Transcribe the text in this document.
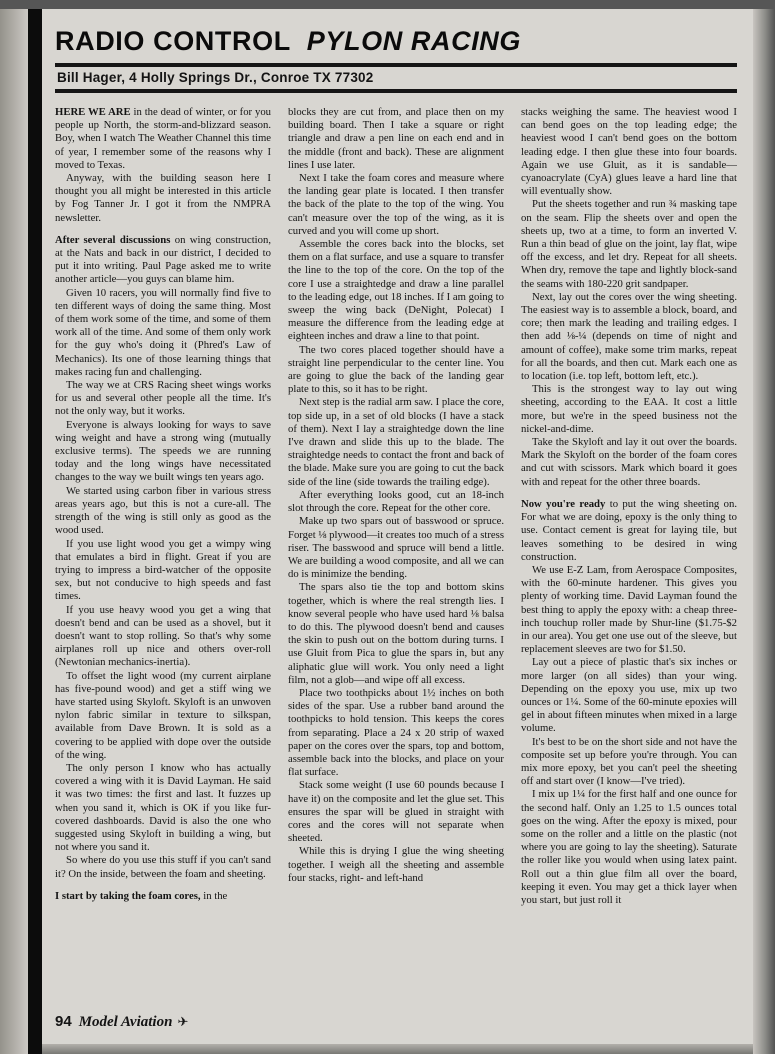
RADIO CONTROL PYLON RACING
Bill Hager, 4 Holly Springs Dr., Conroe TX 77302

HERE WE ARE in the dead of winter, or for you people up North, the storm-and-blizzard season. Boy, when I watch The Weather Channel this time of year, I remember some of the reasons why I moved to Texas.

Anyway, with the building season here I thought you all might be interested in this article by Fog Tanner Jr. I got it from the NMPRA newsletter.

After several discussions on wing construction, at the Nats and back in our district, I decided to put it into writing. Paul Page asked me to write another article—you guys can blame him.

Given 10 racers, you will normally find five to ten different ways of doing the same thing. Most of them work some of the time, and some of them work all of the time. And some of them only work for the guy who's doing it (Phred's Law of Mechanics). Its one of those learning things that makes racing fun and challenging.

The way we at CRS Racing sheet wings works for us and several other people all the time. It's not the only way, but it works.

Everyone is always looking for ways to save wing weight and have a strong wing (mutually exclusive terms). The speeds we are running today and the long wings have necessitated changes to the way we built wings ten years ago.

We started using carbon fiber in various stress areas years ago, but this is not a cure-all. The strength of the wing is still only as good as the wood used.

If you use light wood you get a wimpy wing that emulates a bird in flight. Great if you are trying to impress a bird-watcher of the opposite sex, but not conducive to high speeds and fast times.

If you use heavy wood you get a wing that doesn't bend and can be used as a shovel, but it doesn't want to stop rolling. So that's why some airplanes roll up nice and others over-roll (Newtonian mechanics-inertia).

To offset the light wood (my current airplane has five-pound wood) and get a stiff wing we have started using Skyloft. Skyloft is an unwoven nylon fabric similar in texture to silkspan, available from Dave Brown. It is sold as a covering to be applied with dope over the outside of the wing.

The only person I know who has actually covered a wing with it is David Layman. He said it was two times: the first and last. It fuzzes up when you sand it, which is OK if you like fur-covered dashboards. David is also the one who suggested using Skyloft in building a wing, but not where you sand it.

So where do you use this stuff if you can't sand it? On the inside, between the foam and sheeting.

I start by taking the foam cores, in the

blocks they are cut from, and place then on my building board. Then I take a square or right triangle and draw a pen line on each end and in the middle (front and back). These are alignment lines I use later.

Next I take the foam cores and measure where the landing gear plate is located. I then transfer the back of the plate to the top of the wing. You can't measure over the top of the wing, as it is curved and you will come up short.

Assemble the cores back into the blocks, set them on a flat surface, and use a square to transfer the line to the top of the core. On the top of the core I use a straightedge and draw a line parallel to the leading edge, out 18 inches. If I am going to sweep the wing back (DeNight, Polecat) I measure the difference from the leading edge at eighteen inches and draw a line to that point.

The two cores placed together should have a straight line perpendicular to the center line. You are going to glue the back of the landing gear plate to this, so it has to be right.

Next step is the radial arm saw. I place the core, top side up, in a set of old blocks (I have a stack of them). Next I lay a straightedge down the line I've drawn and slide this up to the blade. The straightedge needs to contact the front and back of the blade. Make sure you are going to cut the back side of the line (side towards the trailing edge).

After everything looks good, cut an 18-inch slot through the core. Repeat for the other core.

Make up two spars out of basswood or spruce. Forget ⅛ plywood—it creates too much of a stress riser. The basswood and spruce will bend a little. We are building a wood composite, and all we can do is minimize the bending.

The spars also tie the top and bottom skins together, which is where the real strength lies. I know several people who have used hard ⅛ balsa to do this. The plywood doesn't bend and causes the skin to push out on the bottom during turns. I use Gluit from Pica to glue the spars in, but any aliphatic glue will work. You only need a light film, not a glob—and wipe off all excess.

Place two toothpicks about 1½ inches on both sides of the spar. Use a rubber band around the toothpicks to hold tension. This keeps the cores from separating. Place a 24 x 20 strip of waxed paper on the cores over the spars, top and bottom, assemble back into the blocks, and place on your flat surface.

Stack some weight (I use 60 pounds because I have it) on the composite and let the glue set. This ensures the spar will be glued in straight with cores and the cores will not separate when sheeted.

While this is drying I glue the wing sheeting together. I weigh all the sheeting and assemble four stacks, right- and left-hand

stacks weighing the same. The heaviest wood I can bend goes on the top leading edge; the heaviest wood I can't bend goes on the bottom leading edge. I then glue these into four boards. Again we use Gluit, as it is sandable—cyanoacrylate (CyA) glues leave a hard line that will eventually show.

Put the sheets together and run ¾ masking tape on the seam. Flip the sheets over and open the sheets up, two at a time, to form an inverted V. Run a thin bead of glue on the joint, lay flat, wipe off the excess, and let dry. Repeat for all sheets. When dry, remove the tape and lightly block-sand the seams with 180-220 grit sandpaper.

Next, lay out the cores over the wing sheeting. The easiest way is to assemble a block, board, and core; then mark the leading and trailing edges. I then add ⅛-¼ (depends on time of night and amount of coffee), make some trim marks, repeat for all the boards, and then cut. Mark each one as to location (i.e. top left, bottom left, etc.).

This is the strongest way to lay out wing sheeting, according to the EAA. It cost a little more, but we're in the speed business not the nickel-and-dime.

Take the Skyloft and lay it out over the boards. Mark the Skyloft on the border of the foam cores and cut with scissors. Mark which board it goes with and repeat for the other three boards.

Now you're ready to put the wing sheeting on. For what we are doing, epoxy is the only thing to use. Contact cement is great for laying tile, but leaves something to be desired in wing construction.

We use E-Z Lam, from Aerospace Composites, with the 60-minute hardener. This gives you plenty of working time. David Layman found the best thing to apply the epoxy with: a cheap three-inch touchup roller made by Shur-line ($1.75-$2 in our area). You get one use out of the sleeve, but replacement sleeves are two for $1.50.

Lay out a piece of plastic that's six inches or more larger (on all sides) than your wing. Depending on the epoxy you use, mix up two ounces or 1¼. Some of the 60-minute epoxies will gel in about fifteen minutes when mixed in a large volume.

It's best to be on the short side and not have the composite set up before you're through. You can mix more epoxy, bet you can't peel the sheeting off and start over (I know—I've tried).

I mix up 1¼ for the first half and one ounce for the second half. Only an 1.25 to 1.5 ounces total goes on the wing. After the epoxy is mixed, pour some on the roller and a little on the plastic (not where you are going to lay the sheeting). Saturate the roller like you would when using latex paint. Roll out a thin glue film all over the board, keeping it even. You may get a thick layer when you start, but just roll it

94 Model Aviation ✈
